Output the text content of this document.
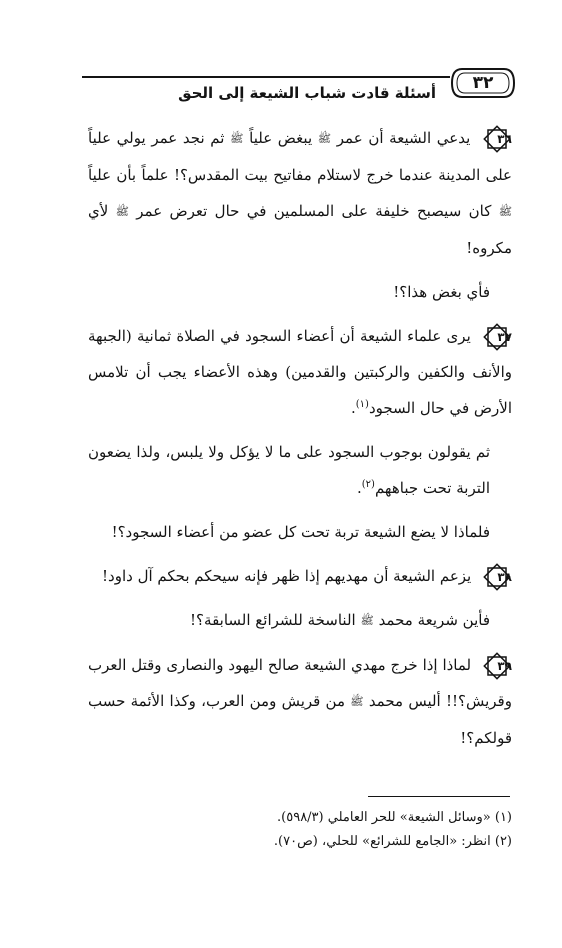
٣٢
أسئلة قادت شباب الشيعة إلى الحق

٣٦
يدعي الشيعة أن عمر ﷺ يبغض علياً ﷺ ثم نجد عمر يولي علياً على المدينة عندما خرج لاستلام مفاتيح بيت المقدس؟! علماً بأن علياً ﷺ كان سيصبح خليفة على المسلمين في حال تعرض عمر ﷺ لأي مكروه!

فأي بغض هذا؟!

٣٧
يرى علماء الشيعة أن أعضاء السجود في الصلاة ثمانية (الجبهة والأنف والكفين والركبتين والقدمين) وهذه الأعضاء يجب أن تلامس الأرض في حال السجود$^{(١)}$.

ثم يقولون بوجوب السجود على ما لا يؤكل ولا يلبس، ولذا يضعون التربة تحت جباههم$^{(٢)}$.

فلماذا لا يضع الشيعة تربة تحت كل عضو من أعضاء السجود؟!

٣٨
يزعم الشيعة أن مهديهم إذا ظهر فإنه سيحكم بحكم آل داود!

فأين شريعة محمد ﷺ الناسخة للشرائع السابقة؟!

٣٩
لماذا إذا خرج مهدي الشيعة صالح اليهود والنصارى وقتل العرب وقريش؟!! أليس محمد ﷺ من قريش ومن العرب، وكذا الأئمة حسب قولكم؟!

(١) «وسائل الشيعة» للحر العاملي (٥٩٨/٣).

(٢) انظر: «الجامع للشرائع» للحلي، (ص٧٠).
